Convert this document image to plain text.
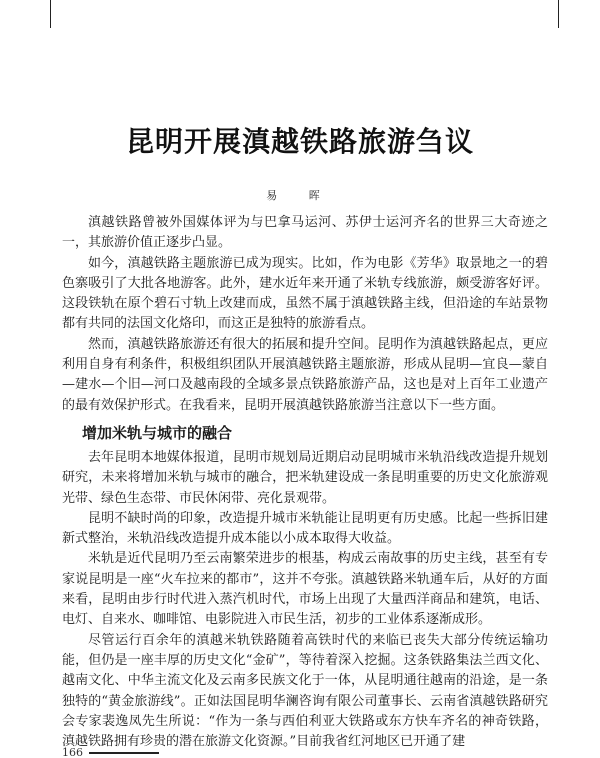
昆明开展滇越铁路旅游刍议
易 晖

滇越铁路曾被外国媒体评为与巴拿马运河、苏伊士运河齐名的世界三大奇迹之一，其旅游价值正逐步凸显。

如今，滇越铁路主题旅游已成为现实。比如，作为电影《芳华》取景地之一的碧色寨吸引了大批各地游客。此外，建水近年来开通了米轨专线旅游，颇受游客好评。这段铁轨在原个碧石寸轨上改建而成，虽然不属于滇越铁路主线，但沿途的车站景物都有共同的法国文化烙印，而这正是独特的旅游看点。

然而，滇越铁路旅游还有很大的拓展和提升空间。昆明作为滇越铁路起点，更应利用自身有利条件，积极组织团队开展滇越铁路主题旅游，形成从昆明—宜良—蒙自—建水—个旧—河口及越南段的全域多景点铁路旅游产品，这也是对上百年工业遗产的最有效保护形式。在我看来，昆明开展滇越铁路旅游当注意以下一些方面。

增加米轨与城市的融合

去年昆明本地媒体报道，昆明市规划局近期启动昆明城市米轨沿线改造提升规划研究，未来将增加米轨与城市的融合，把米轨建设成一条昆明重要的历史文化旅游观光带、绿色生态带、市民休闲带、亮化景观带。

昆明不缺时尚的印象，改造提升城市米轨能让昆明更有历史感。比起一些拆旧建新式整治，米轨沿线改造提升成本能以小成本取得大收益。

米轨是近代昆明乃至云南繁荣进步的根基，构成云南故事的历史主线，甚至有专家说昆明是一座“火车拉来的都市”，这并不夸张。滇越铁路米轨通车后，从好的方面来看，昆明由步行时代进入蒸汽机时代，市场上出现了大量西洋商品和建筑，电话、电灯、自来水、咖啡馆、电影院进入市民生活，初步的工业体系逐渐成形。

尽管运行百余年的滇越米轨铁路随着高铁时代的来临已丧失大部分传统运输功能，但仍是一座丰厚的历史文化“金矿”，等待着深入挖掘。这条铁路集法兰西文化、越南文化、中华主流文化及云南多民族文化于一体，从昆明通往越南的沿途，是一条独特的“黄金旅游线”。正如法国昆明华澜咨询有限公司董事长、云南省滇越铁路研究会专家裴逸凤先生所说：“作为一条与西伯利亚大铁路或东方快车齐名的神奇铁路，滇越铁路拥有珍贵的潜在旅游文化资源。”目前我省红河地区已开通了建

166
